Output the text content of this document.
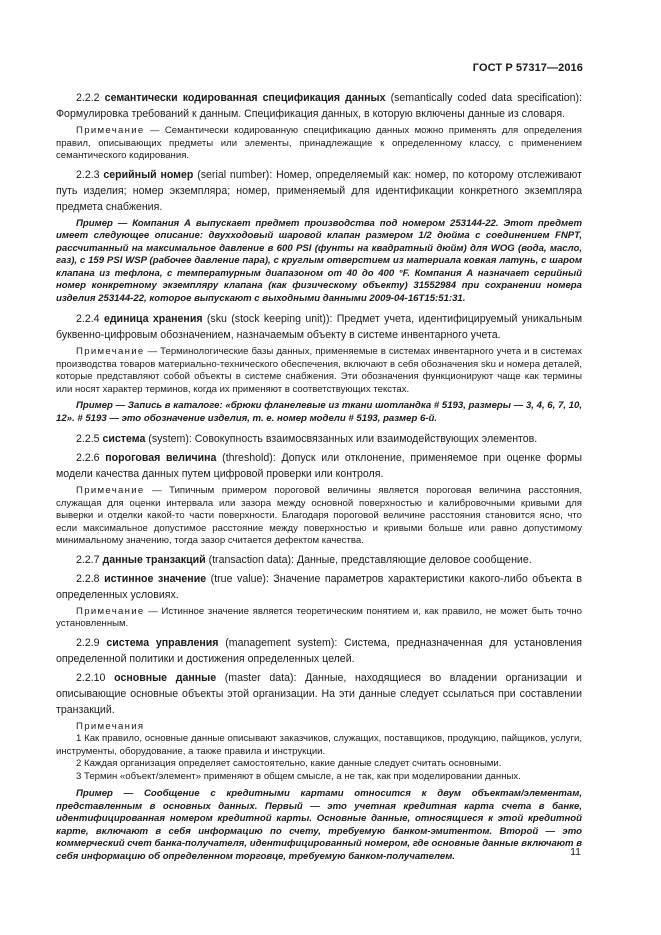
ГОСТ Р 57317—2016

2.2.2 семантически кодированная спецификация данных (semantically coded data specification): Формулировка требований к данным. Спецификация данных, в которую включены данные из словаря.

Примечание — Семантически кодированную спецификацию данных можно применять для определения правил, описывающих предметы или элементы, принадлежащие к определенному классу, с применением семантического кодирования.

2.2.3 серийный номер (serial number): Номер, определяемый как: номер, по которому отслеживают путь изделия; номер экземпляра; номер, применяемый для идентификации конкретного экземпляра предмета снабжения.

Пример — Компания А выпускает предмет производства под номером 253144-22. Этот предмет имеет следующее описание: двухходовый шаровой клапан размером 1/2 дюйма с соединением FNPT, рассчитанный на максимальное давление в 600 PSI (фунты на квадратный дюйм) для WOG (вода, масло, газ), с 159 PSI WSP (рабочее давление пара), с круглым отверстием из материала ковкая латунь, с шаром клапана из тефлона, с температурным диапазоном от 40 до 400 °F. Компания А назначает серийный номер конкретному экземпляру клапана (как физическому объекту) 31552984 при сохранении номера изделия 253144-22, которое выпускают с выходными данными 2009-04-16T15:51:31.

2.2.4 единица хранения (sku (stock keeping unit)): Предмет учета, идентифицируемый уникальным буквенно-цифровым обозначением, назначаемым объекту в системе инвентарного учета.

Примечание — Терминологические базы данных, применяемые в системах инвентарного учета и в системах производства товаров материально-технического обеспечения, включают в себя обозначения sku и номера деталей, которые представляют собой объекты в системе снабжения. Эти обозначения функционируют чаще как термины или носят характер терминов, когда их применяют в соответствующих текстах.

Пример — Запись в каталоге: «брюки фланелевые из ткани шотландка # 5193, размеры — 3, 4, 6, 7, 10, 12». # 5193 — это обозначение изделия, т. е. номер модели # 5193, размер 6-й.

2.2.5 система (system): Совокупность взаимосвязанных или взаимодействующих элементов.

2.2.6 пороговая величина (threshold): Допуск или отклонение, применяемое при оценке формы модели качества данных путем цифровой проверки или контроля.

Примечание — Типичным примером пороговой величины является пороговая величина расстояния, служащая для оценки интервала или зазора между основной поверхностью и калибровочными кривыми для выверки и отделки какой-то части поверхности. Благодаря пороговой величине расстояния становится ясно, что если максимальное допустимое расстояние между поверхностью и кривыми больше или равно допустимому минимальному значению, тогда зазор считается дефектом качества.

2.2.7 данные транзакций (transaction data): Данные, представляющие деловое сообщение.

2.2.8 истинное значение (true value): Значение параметров характеристики какого-либо объекта в определенных условиях.

Примечание — Истинное значение является теоретическим понятием и, как правило, не может быть точно установленным.

2.2.9 система управления (management system): Система, предназначенная для установления определенной политики и достижения определенных целей.

2.2.10 основные данные (master data): Данные, находящиеся во владении организации и описывающие основные объекты этой организации. На эти данные следует ссылаться при составлении транзакций.

Примечания

1 Как правило, основные данные описывают заказчиков, служащих, поставщиков, продукцию, пайщиков, услуги, инструменты, оборудование, а также правила и инструкции.

2 Каждая организация определяет самостоятельно, какие данные следует считать основными.

3 Термин «объект/элемент» применяют в общем смысле, а не так, как при моделировании данных.

Пример — Сообщение с кредитными картами относится к двум объектам/элементам, представленным в основных данных. Первый — это учетная кредитная карта счета в банке, идентифицированная номером кредитной карты. Основные данные, относящиеся к этой кредитной карте, включают в себя информацию по счету, требуемую банком-эмитентом. Второй — это коммерческий счет банка-получателя, идентифицированный номером, где основные данные включают в себя информацию об определенном торговце, требуемую банком-получателем.	11
